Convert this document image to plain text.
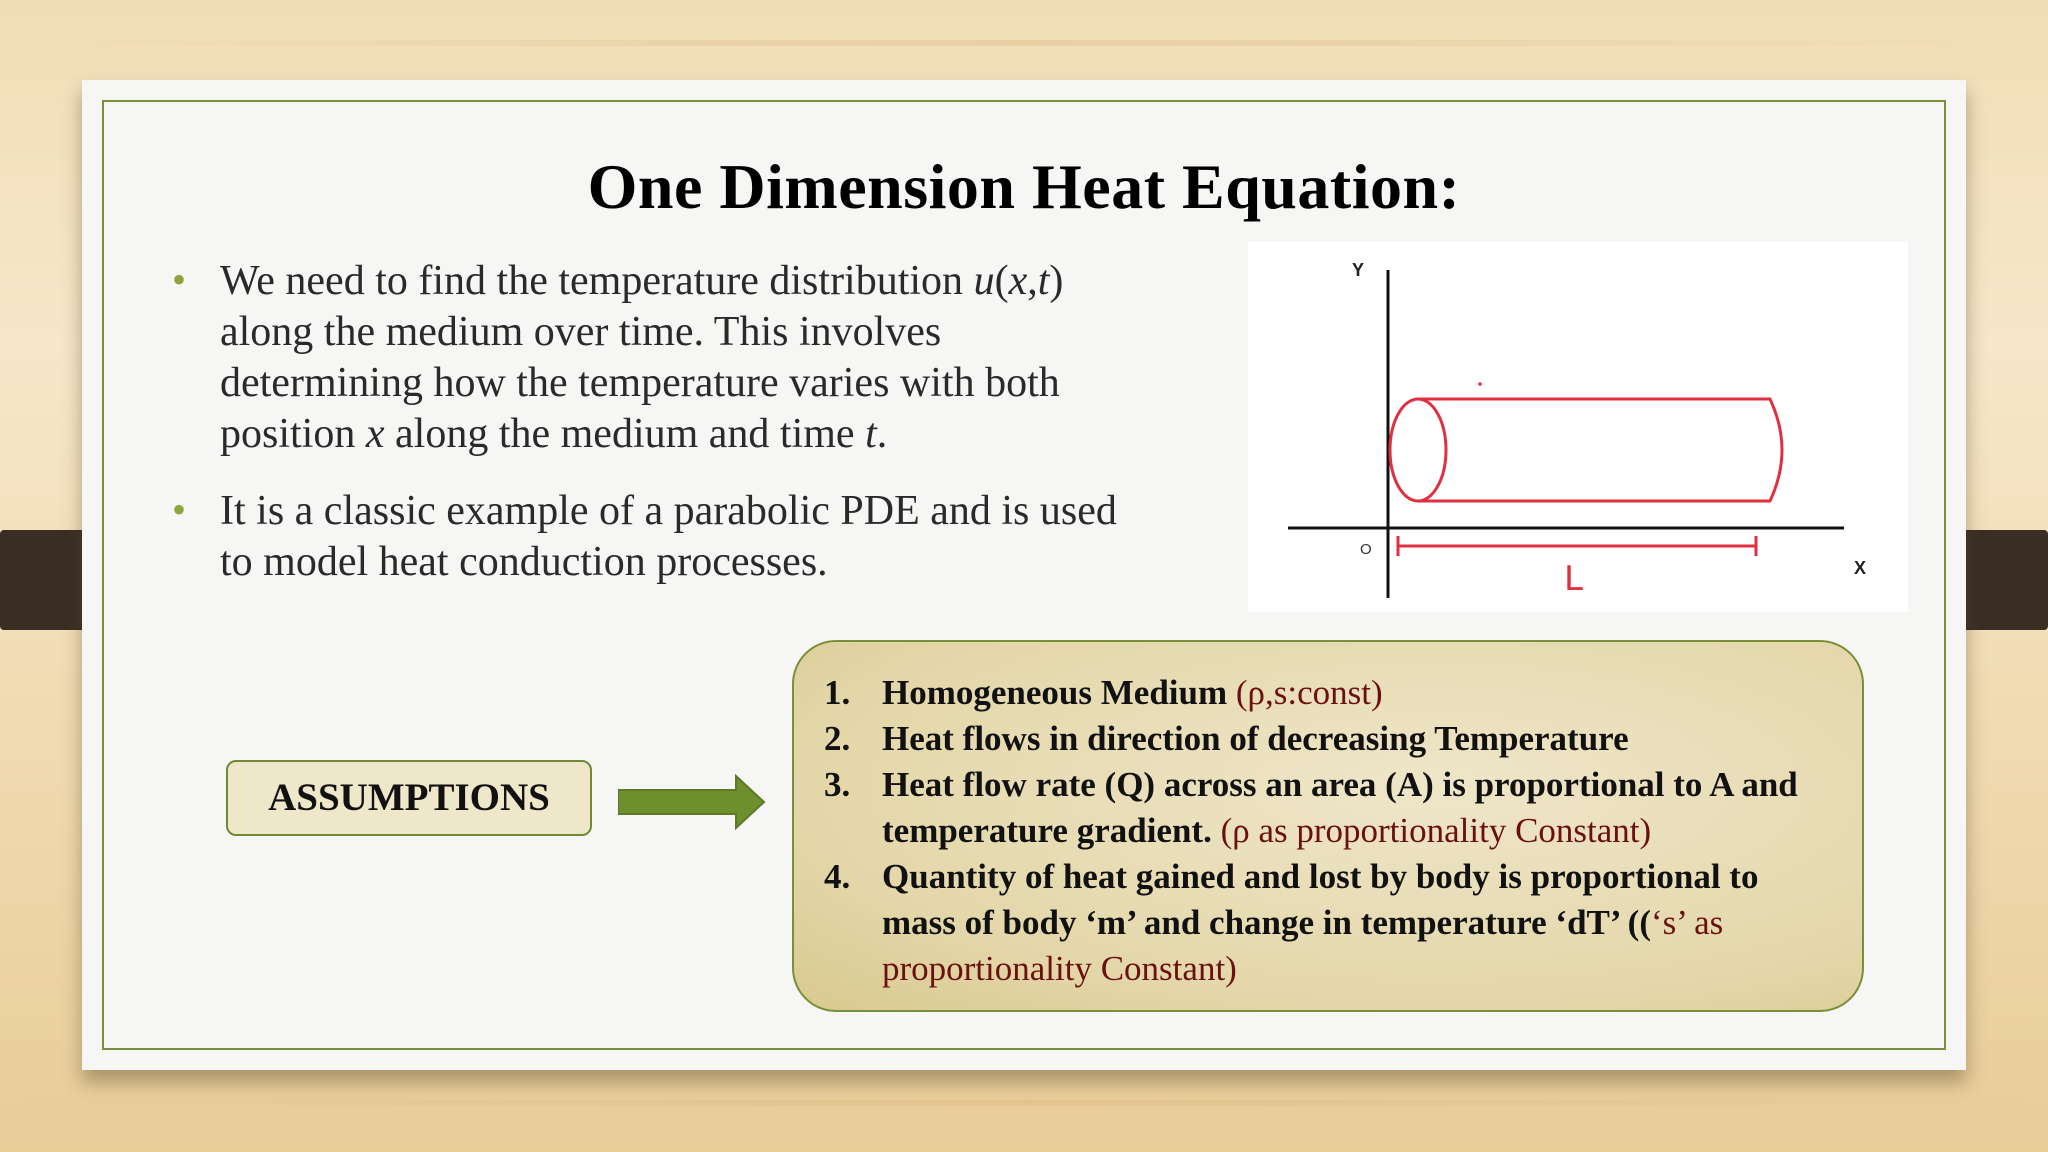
One Dimension Heat Equation:
• We need to find the temperature distribution u(x,t)
along the medium over time. This involves
determining how the temperature varies with both
position x along the medium and time t.
• It is a classic example of a parabolic PDE and is used
to model heat conduction processes.
Y
X
O
L
ASSUMPTIONS
1. Homogeneous Medium (ρ,s:const)
2. Heat flows in direction of decreasing Temperature
3. Heat flow rate (Q) across an area (A) is proportional to A and temperature gradient. (ρ as proportionality Constant)
4. Quantity of heat gained and lost by body is proportional to mass of body ‘m’ and change in temperature ‘dT’ ((‘s’ as proportionality Constant)
